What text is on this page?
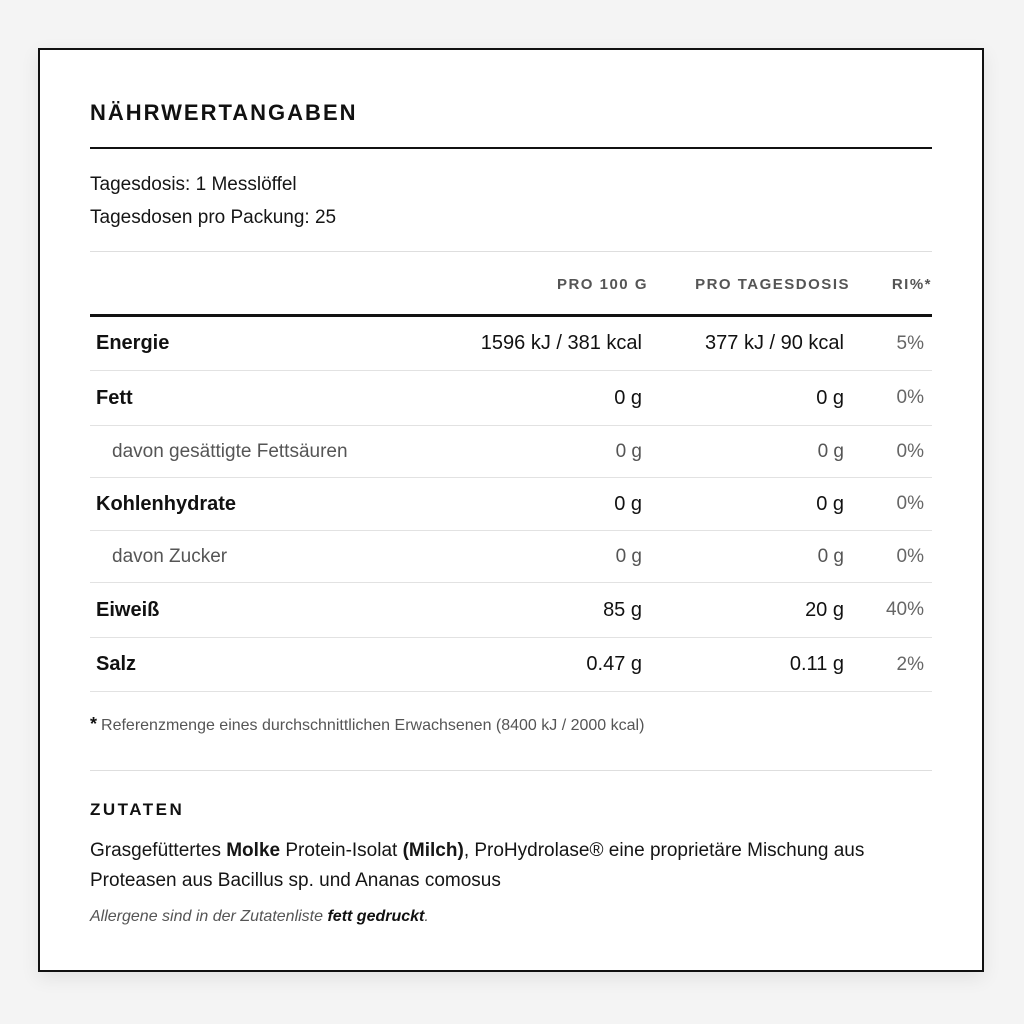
NÄHRWERTANGABEN
Tagesdosis: 1 Messlöffel
Tagesdosen pro Packung: 25
PRO 100 G	PRO TAGESDOSIS	RI%*
Energie	1596 kJ / 381 kcal	377 kJ / 90 kcal	5%
Fett	0 g	0 g	0%
davon gesättigte Fettsäuren	0 g	0 g	0%
Kohlenhydrate	0 g	0 g	0%
davon Zucker	0 g	0 g	0%
Eiweiß	85 g	20 g 40%
Salz	0.47 g	0.11 g	2%
* Referenzmenge eines durchschnittlichen Erwachsenen (8400 kJ / 2000 kcal)
ZUTATEN
Grasgefüttertes Molke Protein-Isolat (Milch), ProHydrolase® eine proprietäre Mischung aus Proteasen aus Bacillus sp. und Ananas comosus
Allergene sind in der Zutatenliste fett gedruckt.
